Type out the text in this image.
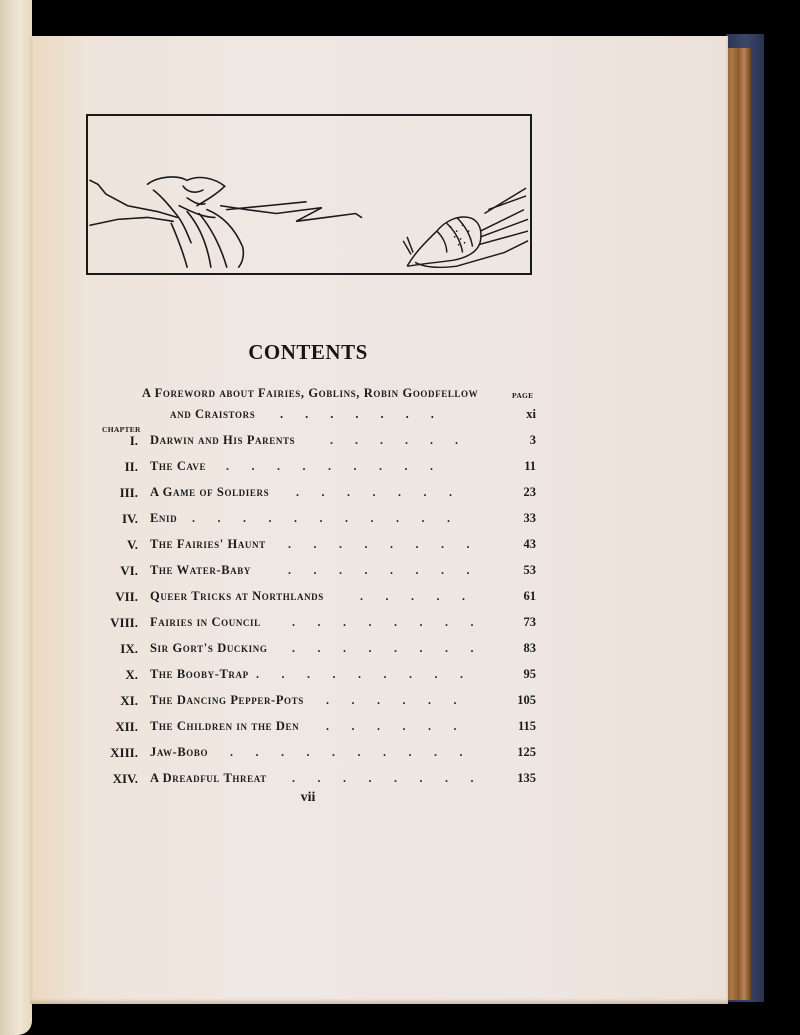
CONTENTS
A Foreword about Fairies, Goblins, Robin Goodfellow	PAGE
and Craistors .......	xi
CHAPTER
I. Darwin and His Parents	......	3
II. The Cave .........	11
III. A Game of Soldiers .......	23
IV. Enid ...........	33
V. The Fairies' Haunt ........	43
VI. The Water-Baby	........	53
VII. Queer Tricks at Northlands	.....	61
VIII. Fairies in Council	........	73
IX. Sir Gort's Ducking ........	83
X. The Booby-Trap .........	95
XI. The Dancing Pepper-Pots ......	105
XII. The Children in the Den ......	115
XIII. Jaw-Bobo ..........	125
XIV. A Dreadful Threat ........	135
vii
